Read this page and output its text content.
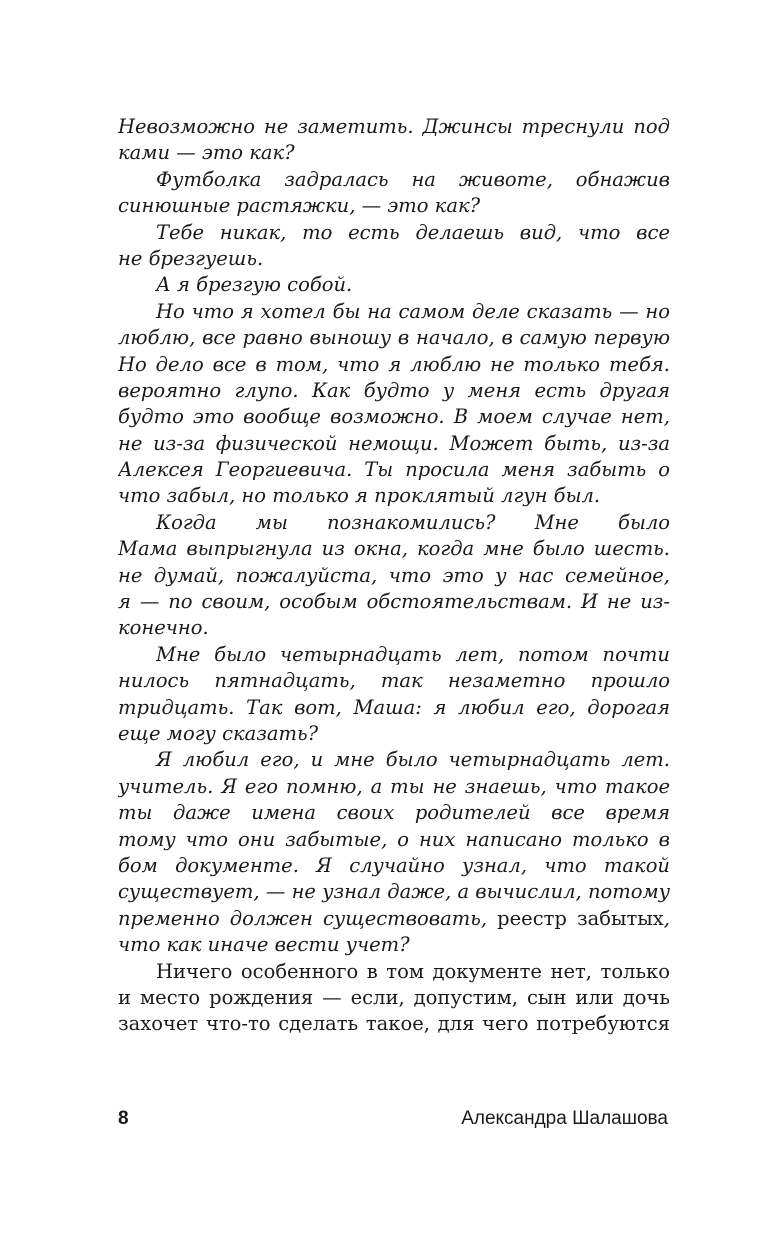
Невозможно не заметить. Джинсы треснули под
ками — это как?
Футболка задралась на животе, обнажив
синюшные растяжки, — это как?
Тебе никак, то есть делаешь вид, что все
не брезгуешь.
А я брезгую собой.
Но что я хотел бы на самом деле сказать — но
люблю, все равно выношу в начало, в самую первую
Но дело все в том, что я люблю не только тебя.
вероятно глупо. Как будто у меня есть другая
будто это вообще возможно. В моем случае нет,
не из-за физической немощи. Может быть, из-за
Алексея Георгиевича. Ты просила меня забыть о
что забыл, но только я проклятый лгун был.
Когда мы познакомились? Мне было
Мама выпрыгнула из окна, когда мне было шесть.
не думай, пожалуйста, что это у нас семейное,
я — по своим, особым обстоятельствам. И не из-
конечно.
Мне было четырнадцать лет, потом почти
нилось пятнадцать, так незаметно прошло
тридцать. Так вот, Маша: я любил его, дорогая
еще могу сказать?
Я любил его, и мне было четырнадцать лет.
учитель. Я его помню, а ты не знаешь, что такое
ты даже имена своих родителей все время
тому что они забытые, о них написано только в
бом документе. Я случайно узнал, что такой
существует, — не узнал даже, а вычислил, потому
пременно должен существовать, реестр забытых,
что как иначе вести учет?
Ничего особенного в том документе нет, только
и место рождения — если, допустим, сын или дочь
захочет что-то сделать такое, для чего потребуются
8	Александра Шалашова
